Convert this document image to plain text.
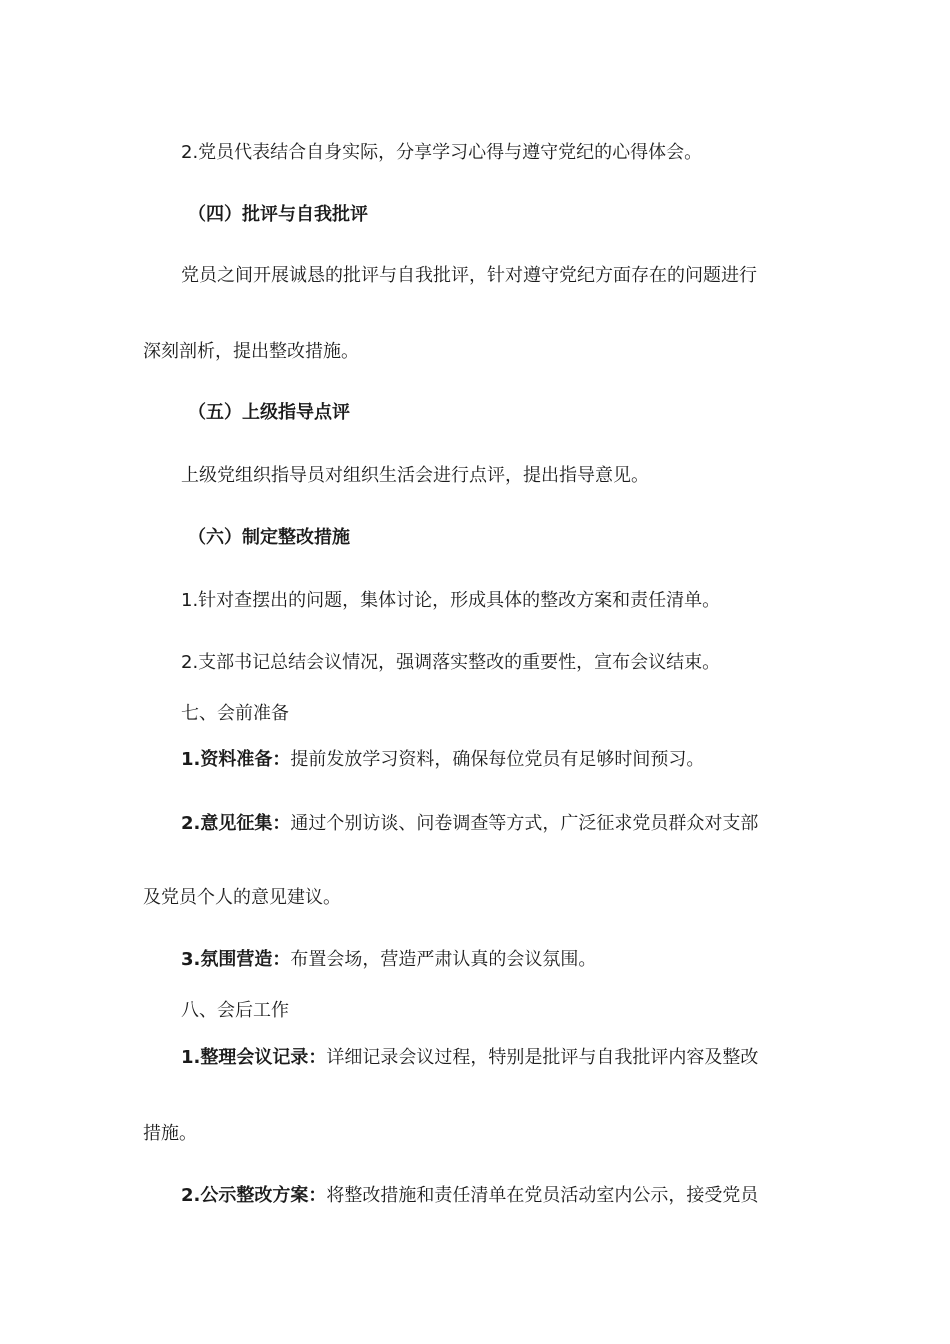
2.党员代表结合自身实际，分享学习心得与遵守党纪的心得体会。

（四）批评与自我批评

党员之间开展诚恳的批评与自我批评，针对遵守党纪方面存在的问题进行

深刻剖析，提出整改措施。

（五）上级指导点评

上级党组织指导员对组织生活会进行点评，提出指导意见。

（六）制定整改措施

1.针对查摆出的问题，集体讨论，形成具体的整改方案和责任清单。

2.支部书记总结会议情况，强调落实整改的重要性，宣布会议结束。

七、会前准备

1.资料准备：提前发放学习资料，确保每位党员有足够时间预习。

2.意见征集：通过个别访谈、问卷调查等方式，广泛征求党员群众对支部

及党员个人的意见建议。

3.氛围营造：布置会场，营造严肃认真的会议氛围。

八、会后工作

1.整理会议记录：详细记录会议过程，特别是批评与自我批评内容及整改

措施。

2.公示整改方案：将整改措施和责任清单在党员活动室内公示，接受党员
